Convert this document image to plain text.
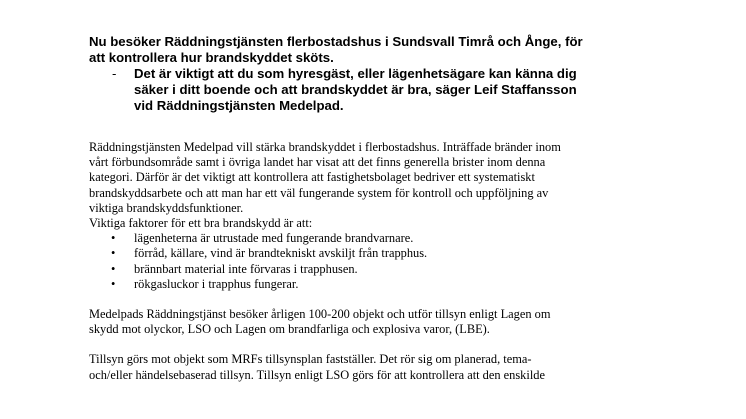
Nu besöker Räddningstjänsten flerbostadshus i Sundsvall Timrå och Ånge, för
att kontrollera hur brandskyddet sköts.

- Det är viktigt att du som hyresgäst, eller lägenhetsägare kan känna dig
säker i ditt boende och att brandskyddet är bra, säger Leif Staffansson
vid Räddningstjänsten Medelpad.

Räddningstjänsten Medelpad vill stärka brandskyddet i flerbostadshus. Inträffade bränder inom
vårt förbundsområde samt i övriga landet har visat att det finns generella brister inom denna
kategori. Därför är det viktigt att kontrollera att fastighetsbolaget bedriver ett systematiskt
brandskyddsarbete och att man har ett väl fungerande system för kontroll och uppföljning av
viktiga brandskyddsfunktioner.
Viktiga faktorer för ett bra brandskydd är att:

• lägenheterna är utrustade med fungerande brandvarnare.
• förråd, källare, vind är brandtekniskt avskiljt från trapphus.
• brännbart material inte förvaras i trapphusen.
• rökgasluckor i trapphus fungerar.

Medelpads Räddningstjänst besöker årligen 100-200 objekt och utför tillsyn enligt Lagen om
skydd mot olyckor, LSO och Lagen om brandfarliga och explosiva varor, (LBE).

Tillsyn görs mot objekt som MRFs tillsynsplan fastställer. Det rör sig om planerad, tema-
och/eller händelsebaserad tillsyn. Tillsyn enligt LSO görs för att kontrollera att den enskilde
